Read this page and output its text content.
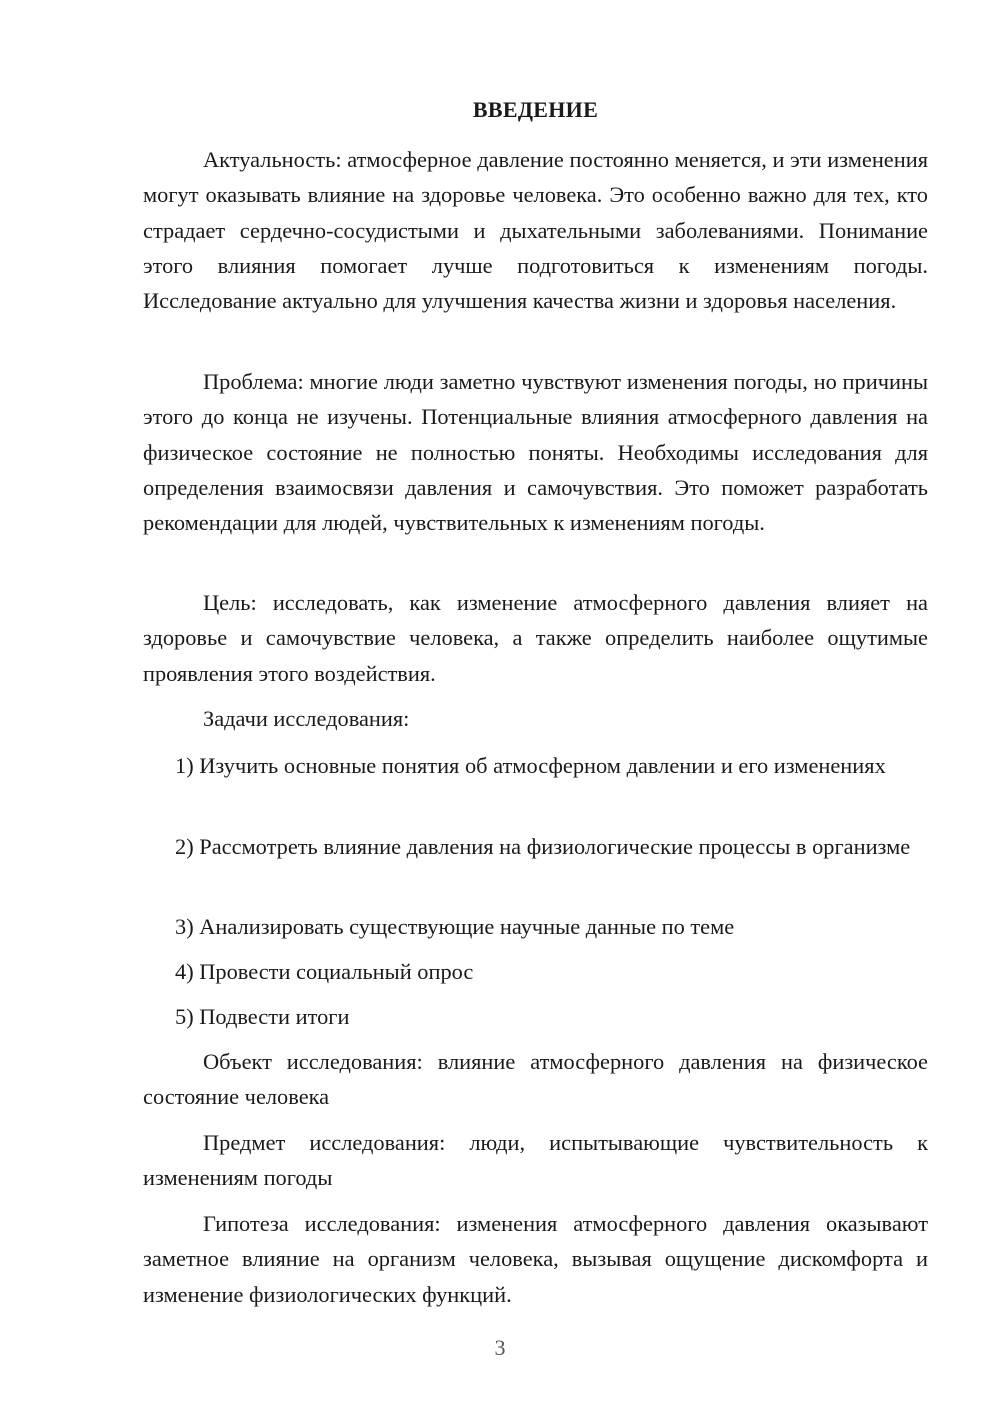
ВВЕДЕНИЕ

Актуальность: атмосферное давление постоянно меняется, и эти изменения могут оказывать влияние на здоровье человека. Это особенно важно для тех, кто страдает сердечно-сосудистыми и дыхательными заболеваниями. Понимание этого влияния помогает лучше подготовиться к изменениям погоды. Исследование актуально для улучшения качества жизни и здоровья населения.

Проблема: многие люди заметно чувствуют изменения погоды, но причины этого до конца не изучены. Потенциальные влияния атмосферного давления на физическое состояние не полностью поняты. Необходимы исследования для определения взаимосвязи давления и самочувствия. Это поможет разработать рекомендации для людей, чувствительных к изменениям погоды.

Цель: исследовать, как изменение атмосферного давления влияет на здоровье и самочувствие человека, а также определить наиболее ощутимые проявления этого воздействия.

Задачи исследования:

1) Изучить основные понятия об атмосферном давлении и его изменениях

2) Рассмотреть влияние давления на физиологические процессы в организме

3) Анализировать существующие научные данные по теме

4) Провести социальный опрос

5) Подвести итоги

Объект исследования: влияние атмосферного давления на физическое состояние человека

Предмет исследования: люди, испытывающие чувствительность к изменениям погоды

Гипотеза исследования: изменения атмосферного давления оказывают заметное влияние на организм человека, вызывая ощущение дискомфорта и изменение физиологических функций.

3
